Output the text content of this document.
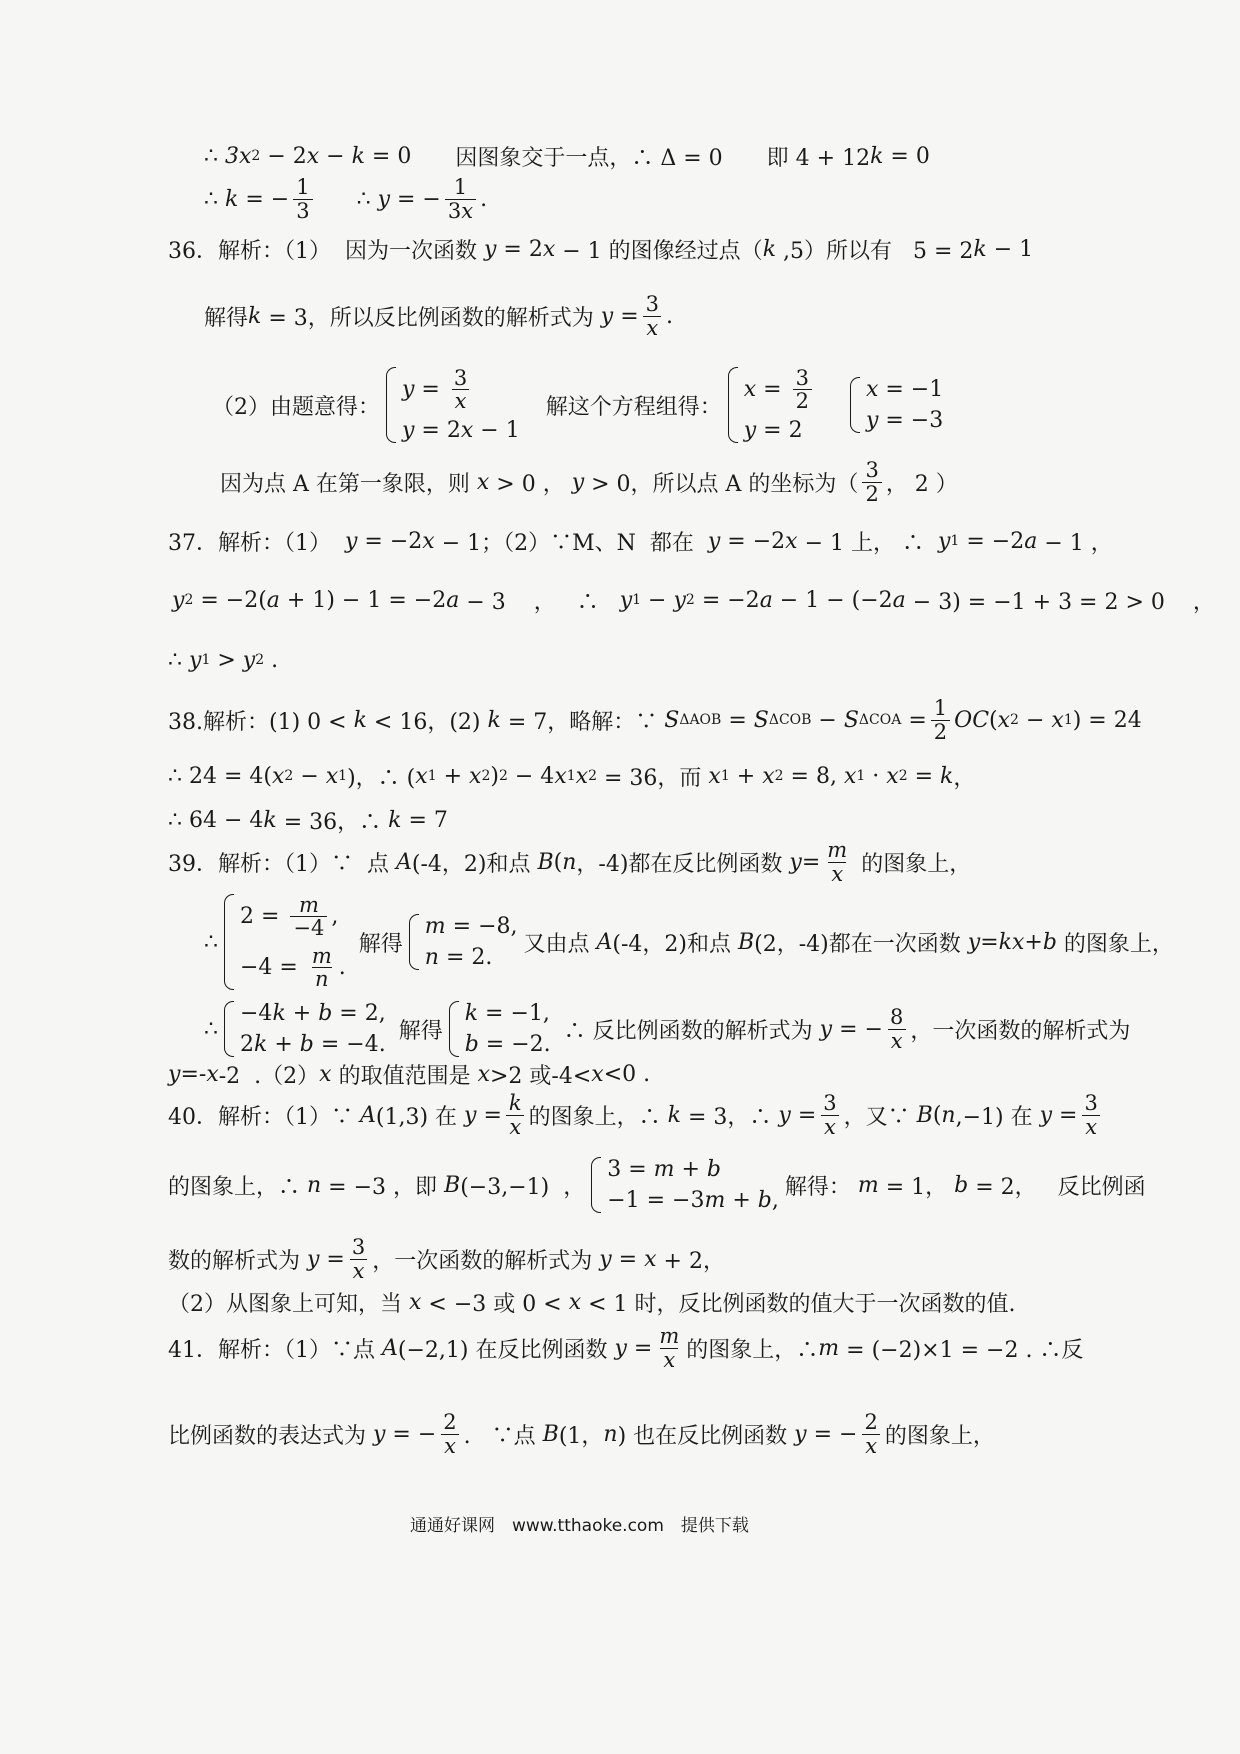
∴ 3x 2 − 2 x − k = 0 因图象交于一点，∴ Δ = 0 即 4 + 12 k = 0
∴ k = − $\frac{1}{3}$ ∴ y = − $\frac{1}{3x}$ .
36．解析：（1）  因为一次函数 y = 2 x − 1 的图像经过点（ k ,5）所以有   5 = 2 k − 1
解得 k = 3，所以反比例函数的解析式为 $y = \frac{3}{x}$ .
（2）由题意得：
$y = \frac{3}{x}$
y = 2 x − 1
解这个方程组得：
$x = \frac{3}{2}$
y = 2
x = −1
y = −3
因为点 A 在第一象限，则 x > 0 ， y > 0，所以点 A 的坐标为（ $\frac{3}{2}$ ， 2 ）
37．解析：（1） y = −2 x − 1；（2）∵M、N  都在 y = −2 x − 1 上， ∴ y 1 = −2 a − 1 ，
y 2 = −2( a + 1) − 1 = −2 a − 3    ，   ∴ y 1 − y 2 = −2 a − 1 − (−2 a − 3) = −1 + 3 = 2 > 0    ，
∴ y 1 > y 2 .
38.解析：(1) 0 < k < 16，(2) k = 7，略解：∵ S ΔAOB = S ΔCOB − S $\Delta COA = \frac{1}{2}$ OC ( x 2 − x 1 ) = 24
∴ 24 = 4( x 2 − x 1 )，∴ ( x 1 + x 2 ) 2 − 4 x 1 x 2 = 36，而 x 1 + x 2 = 8, x 1 · x 2 = k ，
∴ 64 − 4 k = 36，∴ k = 7
39．解析：（1）∵  点 A (-4，2)和点 B ( n ，-4)都在反比例函数 $y = \frac{m}{x}$ 的图象上，
∴
$2 = \frac{m}{-4}$ ,
$-4 = \frac{m}{n}$ .
解得
m = −8,
n = 2.
又由点 A (-4，2)和点 B (2，-4)都在一次函数 y = kx + b 的图象上，
∴
−4 k + b = 2,
2 k + b = −4.
解得
k = −1,
b = −2.
∴ 反比例函数的解析式为 y = − $\frac{8}{x}$ ，一次函数的解析式为
y =- x -2  .（2） x 的取值范围是 x >2 或-4< x <0 .
40．解析：（1）∵ A (1,3) 在 $y = \frac{k}{x}$ 的图象上，∴ k = 3，∴ $y = \frac{3}{x}$ ，又∵ B ( n ,−1) 在 $y = \frac{3}{x}$
的图象上，∴ n = −3 ，即 B (−3,−1)  ，
3 = m + b
−1 = −3 m + b ,
解得： m = 1， b = 2，   反比例函
数的解析式为 $y = \frac{3}{x}$ ，一次函数的解析式为 y = x + 2，
（2）从图象上可知，当 x < −3 或 0 < x < 1 时，反比例函数的值大于一次函数的值.
41．解析：（1）∵点 A (−2,1) 在反比例函数 $y = \frac{m}{x}$ 的图象上，∴ m = (−2)×1 = −2 . ∴反
比例函数的表达式为 y = − $\frac{2}{x}$ .   ∵点 B (1， n ) 也在反比例函数 y = − $\frac{2}{x}$ 的图象上，
通通好课网　www.tthaoke.com　提供下载
